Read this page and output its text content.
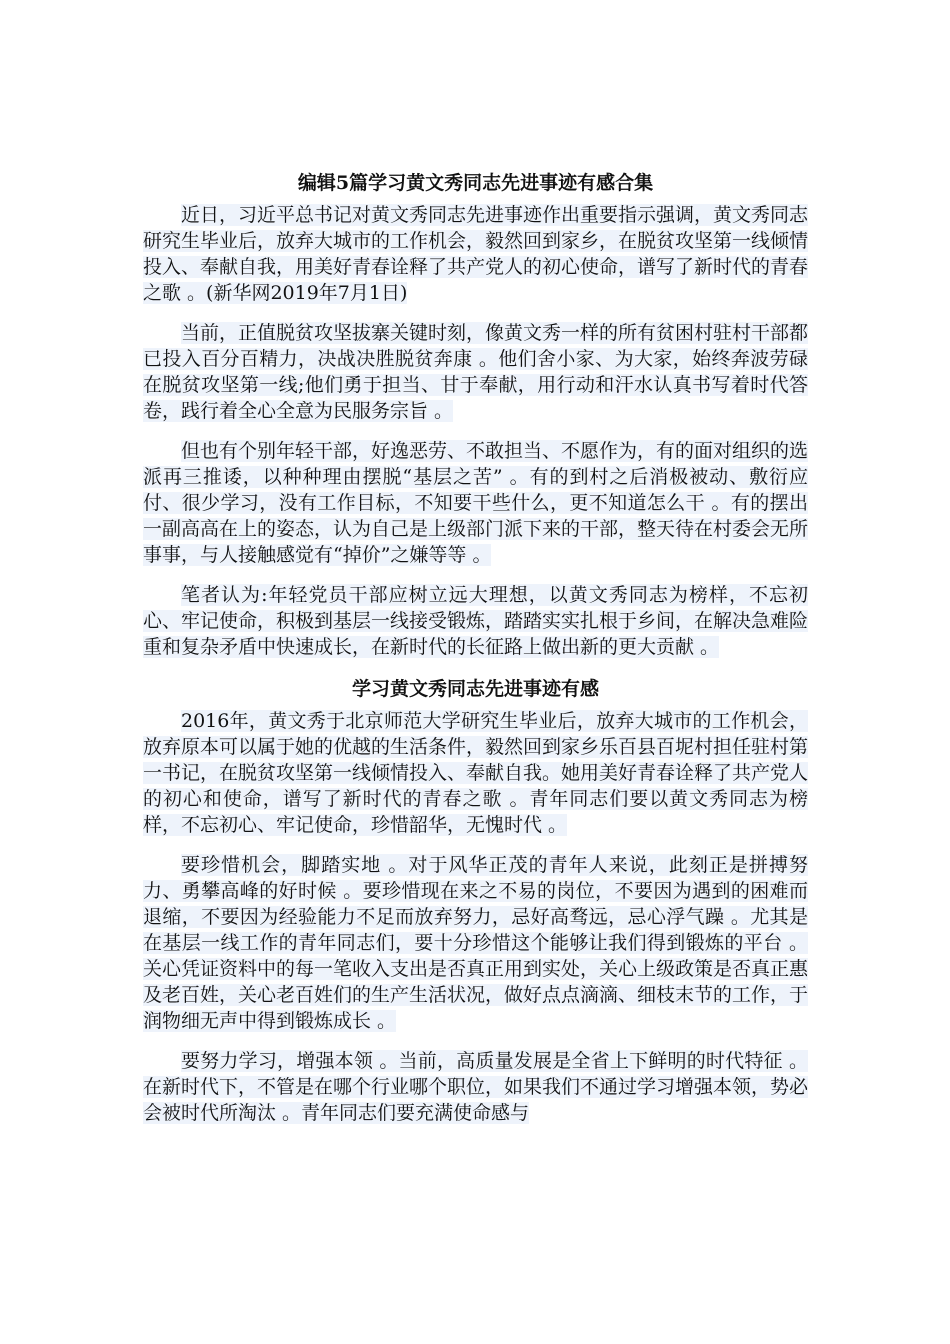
编辑5篇学习黄文秀同志先进事迹有感合集

近日，习近平总书记对黄文秀同志先进事迹作出重要指示强调，黄文秀同志研究生毕业后，放弃大城市的工作机会，毅然回到家乡，在脱贫攻坚第一线倾情投入、奉献自我，用美好青春诠释了共产党人的初心使命，谱写了新时代的青春之歌 。(新华网2019年7月1日)

当前，正值脱贫攻坚拔寨关键时刻，像黄文秀一样的所有贫困村驻村干部都已投入百分百精力，决战决胜脱贫奔康 。他们舍小家、为大家，始终奔波劳碌在脱贫攻坚第一线;他们勇于担当、甘于奉献，用行动和汗水认真书写着时代答卷，践行着全心全意为民服务宗旨 。

但也有个别年轻干部，好逸恶劳、不敢担当、不愿作为，有的面对组织的选派再三推诿，以种种理由摆脱“基层之苦” 。有的到村之后消极被动、敷衍应付、很少学习，没有工作目标，不知要干些什么，更不知道怎么干 。有的摆出一副高高在上的姿态，认为自己是上级部门派下来的干部，整天待在村委会无所事事，与人接触感觉有“掉价”之嫌等等 。

笔者认为:年轻党员干部应树立远大理想，以黄文秀同志为榜样，不忘初心、牢记使命，积极到基层一线接受锻炼，踏踏实实扎根于乡间，在解决急难险重和复杂矛盾中快速成长，在新时代的长征路上做出新的更大贡献 。

学习黄文秀同志先进事迹有感

2016年，黄文秀于北京师范大学研究生毕业后，放弃大城市的工作机会，放弃原本可以属于她的优越的生活条件，毅然回到家乡乐百县百坭村担任驻村第一书记，在脱贫攻坚第一线倾情投入、奉献自我。她用美好青春诠释了共产党人的初心和使命，谱写了新时代的青春之歌 。青年同志们要以黄文秀同志为榜样，不忘初心、牢记使命，珍惜韶华，无愧时代 。

要珍惜机会，脚踏实地 。对于风华正茂的青年人来说，此刻正是拼搏努力、勇攀高峰的好时候 。要珍惜现在来之不易的岗位，不要因为遇到的困难而退缩，不要因为经验能力不足而放弃努力，忌好高骛远，忌心浮气躁 。尤其是在基层一线工作的青年同志们，要十分珍惜这个能够让我们得到锻炼的平台 。关心凭证资料中的每一笔收入支出是否真正用到实处，关心上级政策是否真正惠及老百姓，关心老百姓们的生产生活状况，做好点点滴滴、细枝末节的工作，于润物细无声中得到锻炼成长 。

要努力学习，增强本领 。当前，高质量发展是全省上下鲜明的时代特征 。在新时代下，不管是在哪个行业哪个职位，如果我们不通过学习增强本领，势必会被时代所淘汰 。青年同志们要充满使命感与
